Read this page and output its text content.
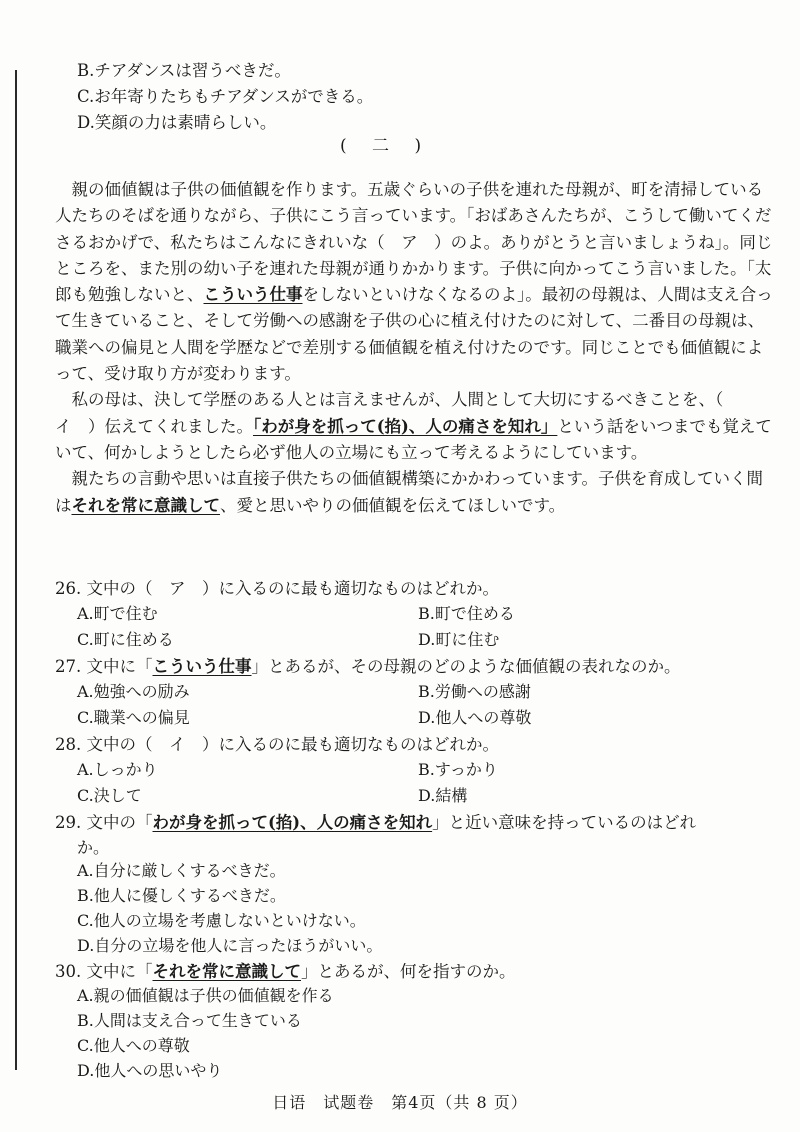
B.チアダンスは習うべきだ。
C.お年寄りたちもチアダンスができる。
D.笑顔の力は素晴らしい。
( 二 )

親の価値観は子供の価値観を作ります。五歳ぐらいの子供を連れた母親が、町を清掃している人たちのそばを通りながら、子供にこう言っています。「おばあさんたちが、こうして働いてくださるおかげで、私たちはこんなにきれいな（　ア　）のよ。ありがとうと言いましょうね」。同じところを、また別の幼い子を連れた母親が通りかかります。子供に向かってこう言いました。「太郎も勉強しないと、こういう仕事をしないといけなくなるのよ」。最初の母親は、人間は支え合って生きていること、そして労働への感謝を子供の心に植え付けたのに対して、二番目の母親は、職業への偏見と人間を学歴などで差別する価値観を植え付けたのです。同じことでも価値観によって、受け取り方が変わります。

私の母は、決して学歴のある人とは言えませんが、人間として大切にするべきことを、（　イ　）伝えてくれました。「わが身を抓って(掐)、人の痛さを知れ」という話をいつまでも覚えていて、何かしようとしたら必ず他人の立場にも立って考えるようにしています。

親たちの言動や思いは直接子供たちの価値観構築にかかわっています。子供を育成していく間はそれを常に意識して、愛と思いやりの価値観を伝えてほしいです。

26. 文中の（　ア　）に入るのに最も適切なものはどれか。
A.町で住む	B.町で住める
C.町に住める	D.町に住む
27. 文中に「こういう仕事」とあるが、その母親のどのような価値観の表れなのか。
A.勉強への励み	B.労働への感謝
C.職業への偏見	D.他人への尊敬
28. 文中の（　イ　）に入るのに最も適切なものはどれか。
A.しっかり	B.すっかり
C.決して	D.結構
29. 文中の「わが身を抓って(掐)、人の痛さを知れ」と近い意味を持っているのはどれ
か。
A.自分に厳しくするべきだ。
B.他人に優しくするべきだ。
C.他人の立場を考慮しないといけない。
D.自分の立場を他人に言ったほうがいい。
30. 文中に「それを常に意識して」とあるが、何を指すのか。
A.親の価値観は子供の価値観を作る
B.人間は支え合って生きている
C.他人への尊敬
D.他人への思いやり
日语　试题卷　第4页（共 8 页）
